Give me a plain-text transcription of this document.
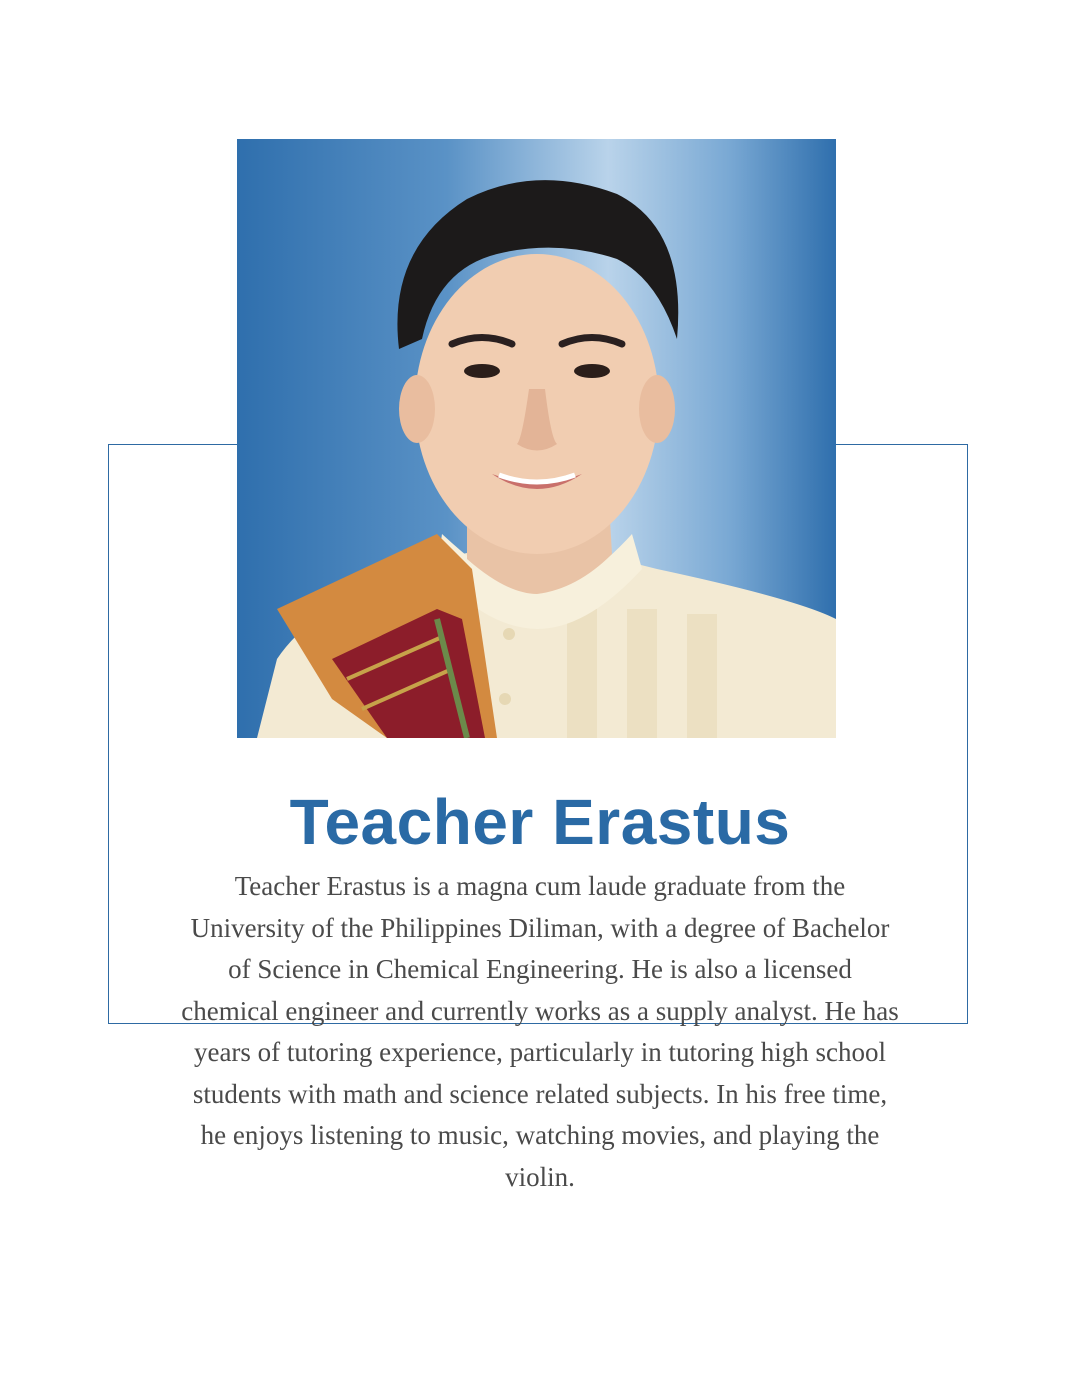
Teacher Erastus

Teacher Erastus is a magna cum laude graduate from the University of the Philippines Diliman, with a degree of Bachelor of Science in Chemical Engineering. He is also a licensed chemical engineer and currently works as a supply analyst. He has years of tutoring experience, particularly in tutoring high school students with math and science related subjects. In his free time, he enjoys listening to music, watching movies, and playing the violin.
